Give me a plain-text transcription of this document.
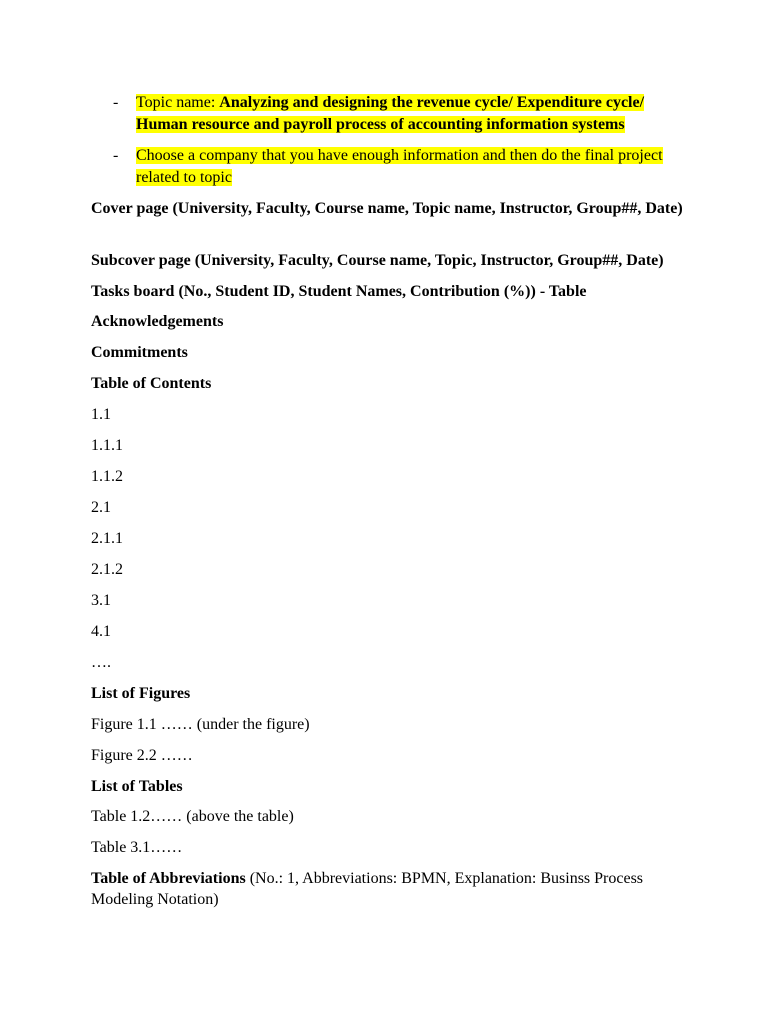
- Topic name: Analyzing and designing the revenue cycle/ Expenditure cycle/ Human resource and payroll process of accounting information systems
- Choose a company that you have enough information and then do the final project related to topic

Cover page (University, Faculty, Course name, Topic name, Instructor, Group##, Date)

Subcover page (University, Faculty, Course name, Topic, Instructor, Group##, Date)

Tasks board (No., Student ID, Student Names, Contribution (%)) - Table

Acknowledgements

Commitments

Table of Contents

1.1

1.1.1

1.1.2

2.1

2.1.1

2.1.2

3.1

4.1

….

List of Figures

Figure 1.1 …… (under the figure)

Figure 2.2 ……

List of Tables

Table 1.2…… (above the table)

Table 3.1……

Table of Abbreviations (No.: 1, Abbreviations: BPMN, Explanation: Businss Process Modeling Notation)
